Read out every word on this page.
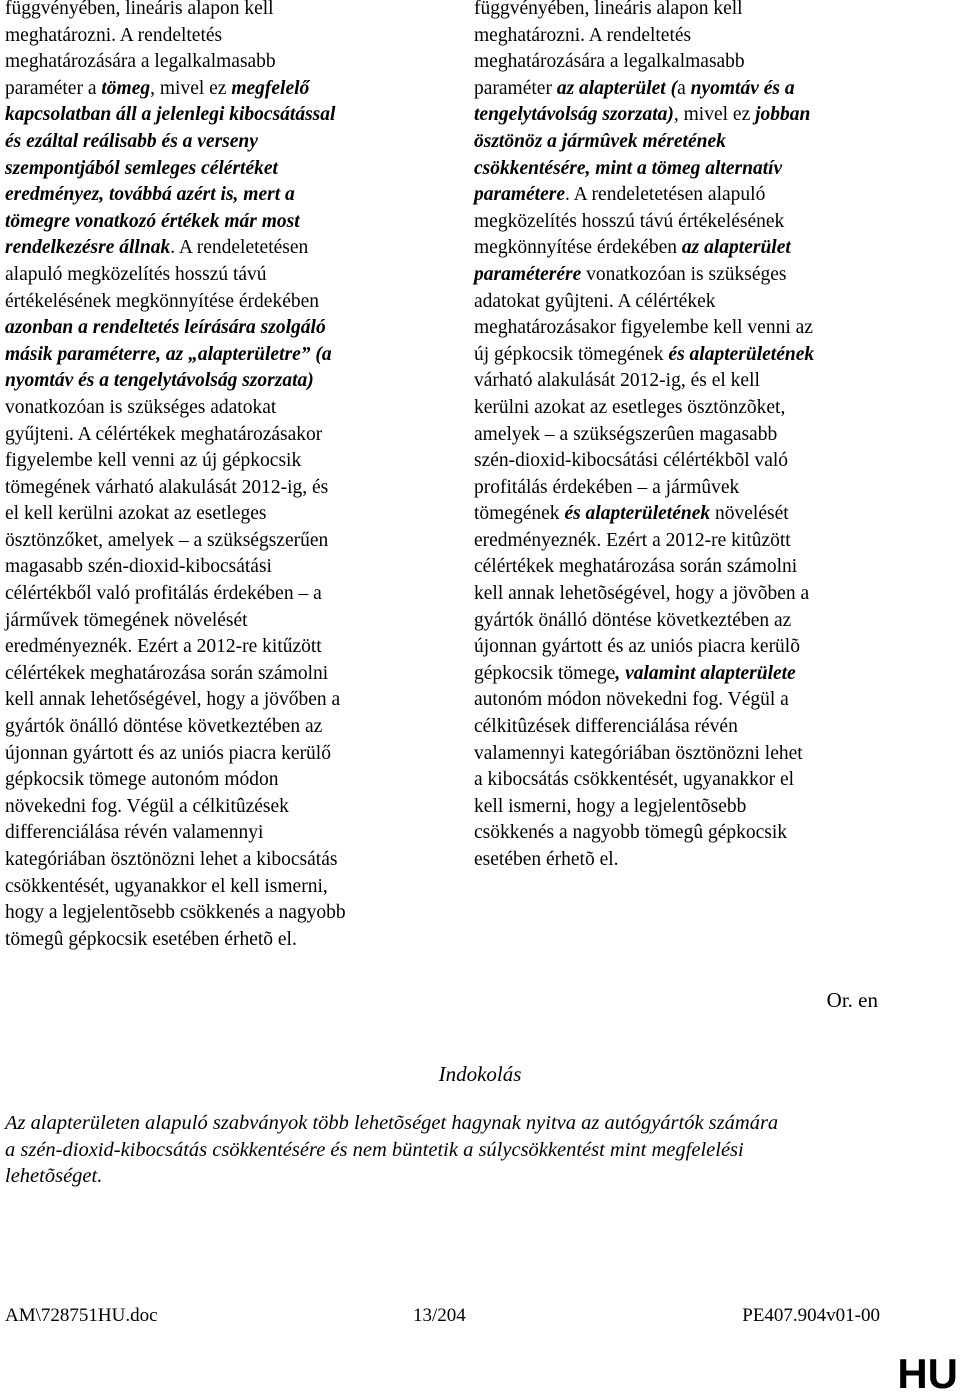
függvényében, lineáris alapon kell
meghatározni. A rendeltetés
meghatározására a legalkalmasabb
paraméter a tömeg, mivel ez megfelelő
kapcsolatban áll a jelenlegi kibocsátással
és ezáltal reálisabb és a verseny
szempontjából semleges célértéket
eredményez, továbbá azért is, mert a
tömegre vonatkozó értékek már most
rendelkezésre állnak. A rendeletetésen
alapuló megközelítés hosszú távú
értékelésének megkönnyítése érdekében
azonban a rendeltetés leírására szolgáló
másik paraméterre, az „alapterületre” (a
nyomtáv és a tengelytávolság szorzata)
vonatkozóan is szükséges adatokat
gyűjteni. A célértékek meghatározásakor
figyelembe kell venni az új gépkocsik
tömegének várható alakulását 2012-ig, és
el kell kerülni azokat az esetleges
ösztönzőket, amelyek – a szükségszerűen
magasabb szén-dioxid-kibocsátási
célértékből való profitálás érdekében – a
járművek tömegének növelését
eredményeznék. Ezért a 2012-re kitűzött
célértékek meghatározása során számolni
kell annak lehetőségével, hogy a jövőben a
gyártók önálló döntése következtében az
újonnan gyártott és az uniós piacra kerülő
gépkocsik tömege autonóm módon
növekedni fog. Végül a célkitûzések
differenciálása révén valamennyi
kategóriában ösztönözni lehet a kibocsátás
csökkentését, ugyanakkor el kell ismerni,
hogy a legjelentõsebb csökkenés a nagyobb
tömegû gépkocsik esetében érhetõ el.
függvényében, lineáris alapon kell
meghatározni. A rendeltetés
meghatározására a legalkalmasabb
paraméter az alapterület (a nyomtáv és a
tengelytávolság szorzata), mivel ez jobban
ösztönöz a jármûvek méretének
csökkentésére, mint a tömeg alternatív
paramétere. A rendeletetésen alapuló
megközelítés hosszú távú értékelésének
megkönnyítése érdekében az alapterület
paraméterére vonatkozóan is szükséges
adatokat gyûjteni. A célértékek
meghatározásakor figyelembe kell venni az
új gépkocsik tömegének és alapterületének
várható alakulását 2012-ig, és el kell
kerülni azokat az esetleges ösztönzõket,
amelyek – a szükségszerûen magasabb
szén-dioxid-kibocsátási célértékbõl való
profitálás érdekében – a jármûvek
tömegének és alapterületének növelését
eredményeznék. Ezért a 2012-re kitûzött
célértékek meghatározása során számolni
kell annak lehetõségével, hogy a jövõben a
gyártók önálló döntése következtében az
újonnan gyártott és az uniós piacra kerülõ
gépkocsik tömege, valamint alapterülete
autonóm módon növekedni fog. Végül a
célkitûzések differenciálása révén
valamennyi kategóriában ösztönözni lehet
a kibocsátás csökkentését, ugyanakkor el
kell ismerni, hogy a legjelentõsebb
csökkenés a nagyobb tömegû gépkocsik
esetében érhetõ el.
Or. en
Indokolás
Az alapterületen alapuló szabványok több lehetõséget hagynak nyitva az autógyártók számára
a szén-dioxid-kibocsátás csökkentésére és nem büntetik a súlycsökkentést mint megfelelési
lehetõséget.
AM\728751HU.doc	13/204	PE407.904v01-00
HU
